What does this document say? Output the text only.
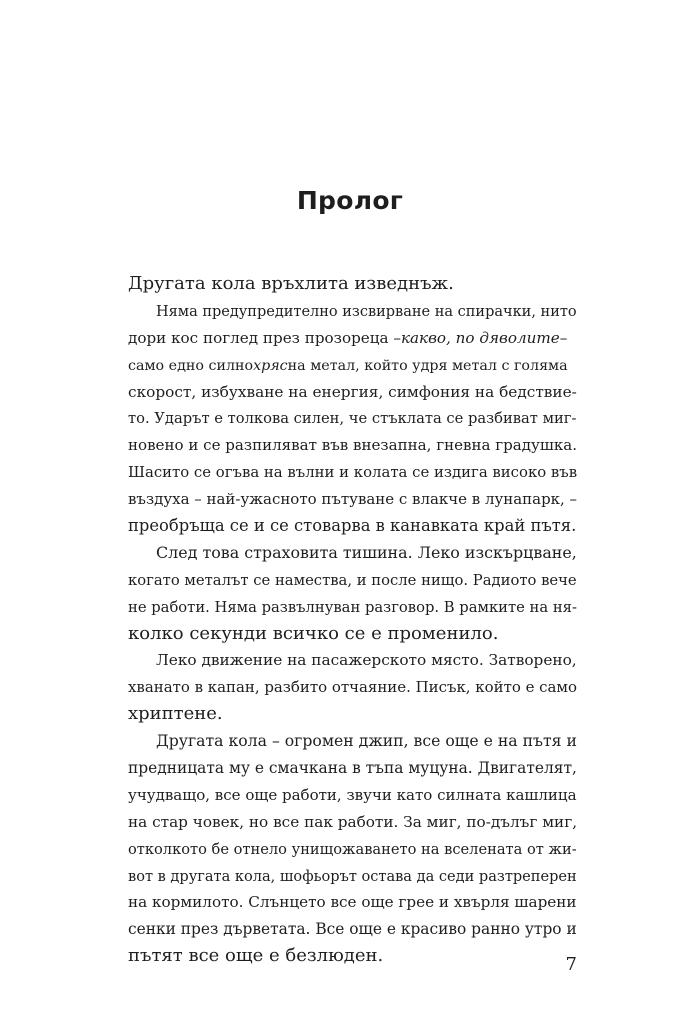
Пролог
Другата кола връхлита изведнъж.
Няма предупредително изсвирване на спирачки, нито
дори кос поглед през прозореца –какво, по дяволите–
само едно силнохрясна метал, който удря метал с голяма
скорост, избухване на енергия, симфония на бедствие-
то. Ударът е толкова силен, че стъклата се разбиват миг-
новено и се разпиляват във внезапна, гневна градушка.
Шасито се огъва на вълни и колата се издига високо във
въздуха – най-ужасното пътуване с влакче в лунапарк, –
преобръща се и се стоварва в канавката край пътя.
След това страховита тишина. Леко изскърцване,
когато металът се намества, и после нищо. Радиото вече
не работи. Няма развълнуван разговор. В рамките на ня-
колко секунди всичко се е променило.
Леко движение на пасажерското място. Затворено,
хванато в капан, разбито отчаяние. Писък, който е само
хриптене.
Другата кола – огромен джип, все още е на пътя и
предницата му е смачкана в тъпа муцуна. Двигателят,
учудващо, все още работи, звучи като силната кашлица
на стар човек, но все пак работи. За миг, по-дълъг миг,
отколкото бе отнело унищожаването на вселената от жи-
вот в другата кола, шофьорът остава да седи разтреперен
на кормилото. Слънцето все още грее и хвърля шарени
сенки през дърветата. Все още е красиво ранно утро и
пътят все още е безлюден.	7
